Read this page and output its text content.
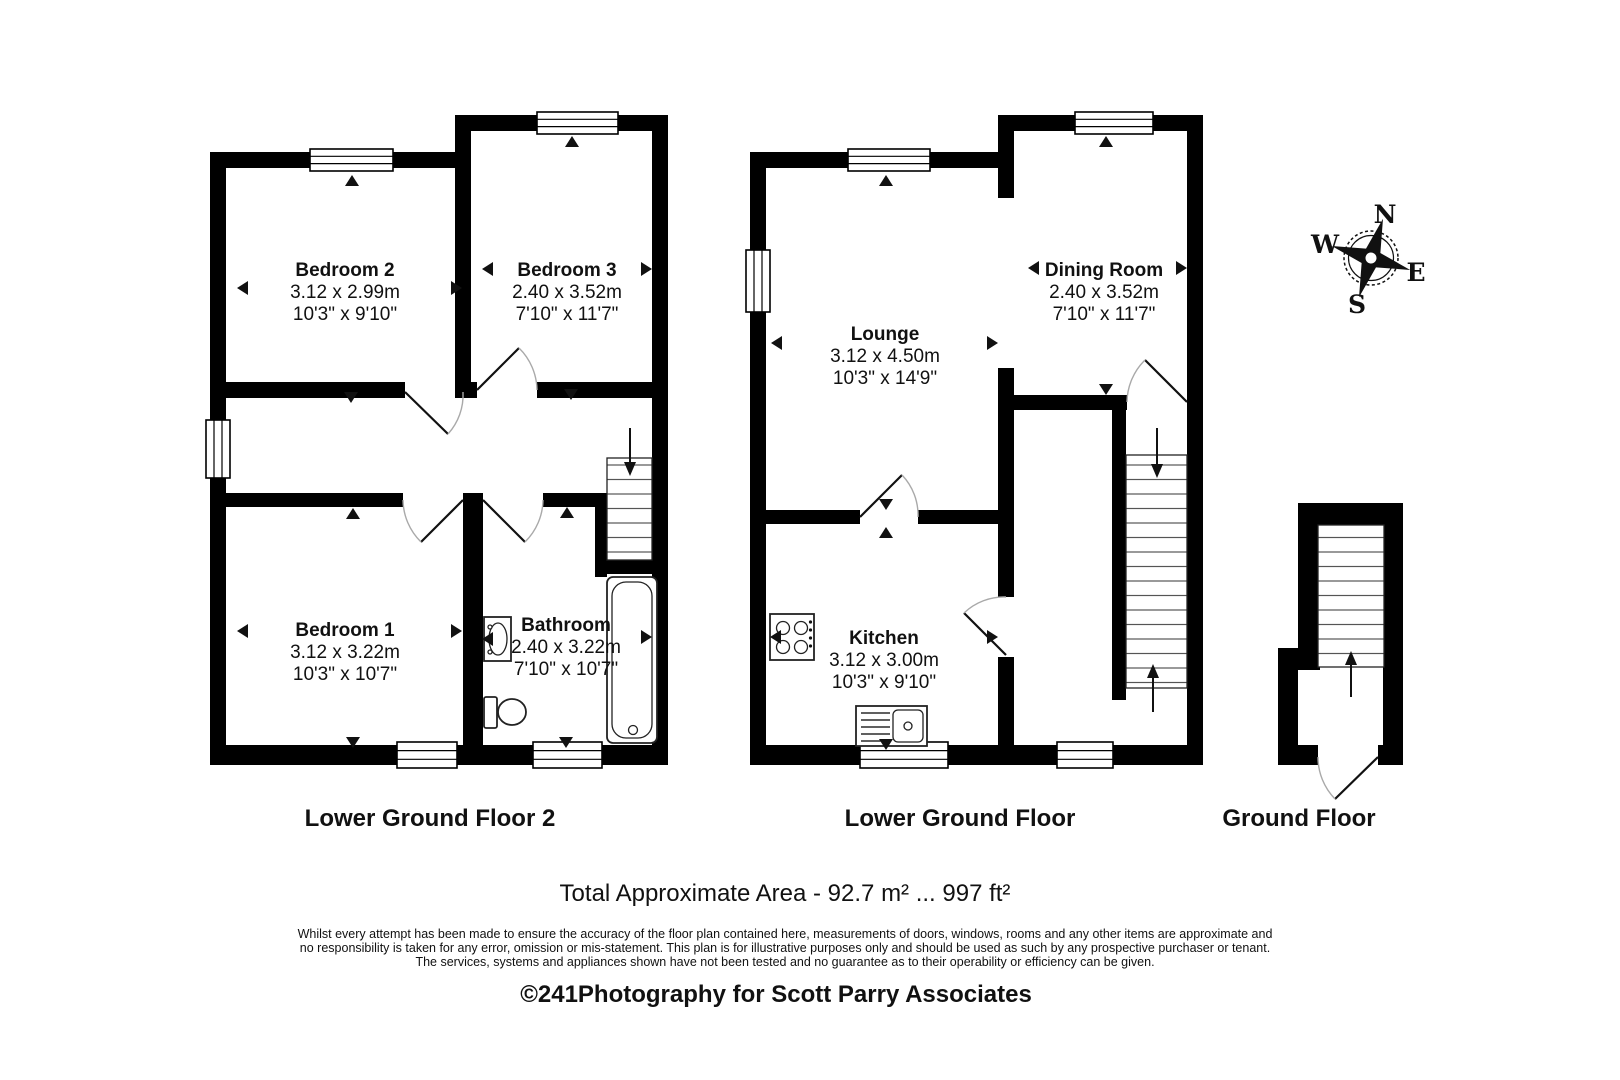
Bedroom 2
3.12 x 2.99m
10'3" x 9'10"
Bedroom 3
2.40 x 3.52m
7'10" x 11'7"
Bedroom 1
3.12 x 3.22m
10'3" x 10'7"
Bathroom
2.40 x 3.22m
7'10" x 10'7"
Lower Ground Floor 2
Lounge
3.12 x 4.50m
10'3" x 14'9"
Dining Room
2.40 x 3.52m
7'10" x 11'7"
Kitchen
3.12 x 3.00m
10'3" x 9'10"
Lower Ground Floor	Ground Floor
N
E
S
W
Total Approximate Area - 92.7 m² ... 997 ft²
Whilst every attempt has been made to ensure the accuracy of the floor plan contained here, measurements of doors, windows, rooms and any other items are approximate and
no responsibility is taken for any error, omission or mis-statement. This plan is for illustrative purposes only and should be used as such by any prospective purchaser or tenant.
The services, systems and appliances shown have not been tested and no guarantee as to their operability or efficiency can be given.
©241Photography for Scott Parry Associates
